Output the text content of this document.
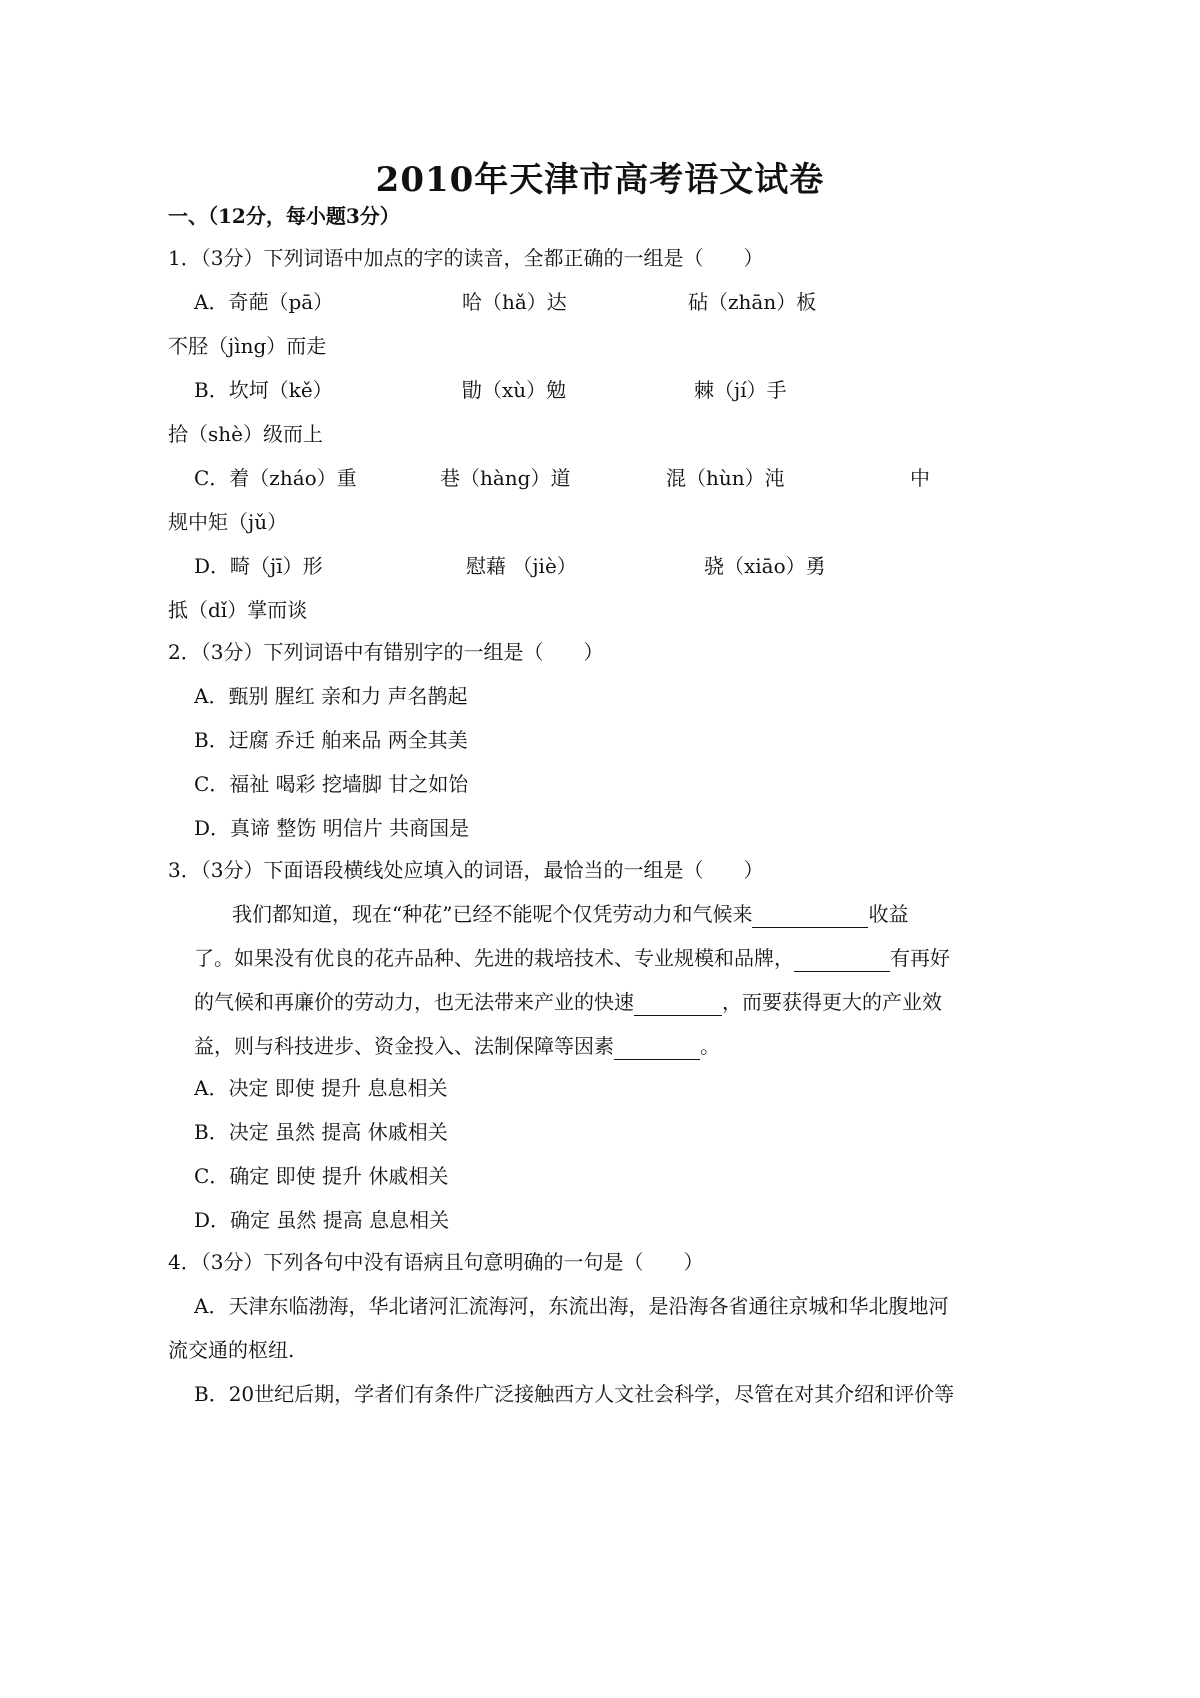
2010年天津市高考语文试卷
一、（12分，每小题3分）
1．（3分）下列词语中加点的字的读音，全都正确的一组是（　　）
A．奇葩（pā）	哈（hǎ）达	砧（zhān）板
不胫（jìng）而走
B．坎坷（kě）	勖（xù）勉	棘（jí）手
拾（shè）级而上
C．着（zháo）重	巷（hàng）道	混（hùn）沌	中
规中矩（jǔ）
D．畸（jī）形	慰藉 （jiè）	骁（xiāo）勇
抵（dǐ）掌而谈
2．（3分）下列词语中有错别字的一组是（　　）
A．甄别 腥红 亲和力 声名鹊起
B．迂腐 乔迁 舶来品 两全其美
C．福祉 喝彩 挖墙脚 甘之如饴
D．真谛 整饬 明信片 共商国是
3．（3分）下面语段横线处应填入的词语，最恰当的一组是（　　）
我们都知道，现在“种花”已经不能呢个仅凭劳动力和气候来	收益
了。如果没有优良的花卉品种、先进的栽培技术、专业规模和品牌，	有再好
的气候和再廉价的劳动力，也无法带来产业的快速	，而要获得更大的产业效
益，则与科技进步、资金投入、法制保障等因素	。
A．决定 即使 提升 息息相关
B．决定 虽然 提高 休戚相关
C．确定 即使 提升 休戚相关
D．确定 虽然 提高 息息相关
4．（3分）下列各句中没有语病且句意明确的一句是（　　）
A．天津东临渤海，华北诸河汇流海河，东流出海，是沿海各省通往京城和华北腹地河
流交通的枢纽.
B．20世纪后期，学者们有条件广泛接触西方人文社会科学，尽管在对其介绍和评价等
